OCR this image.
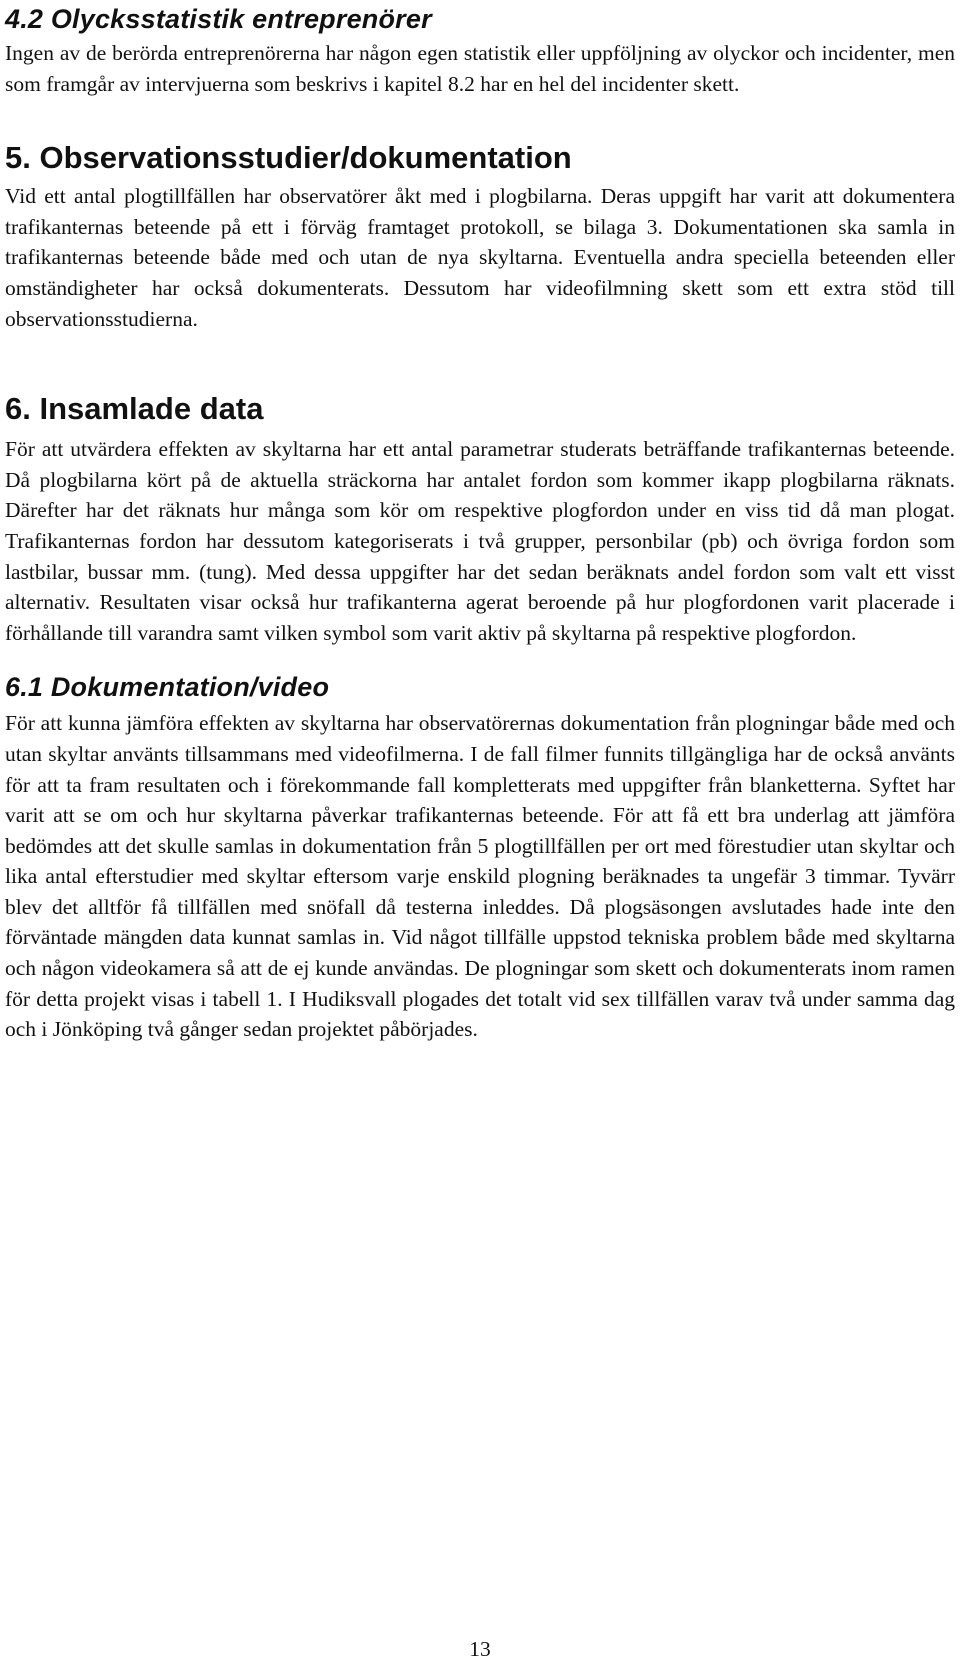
4.2 Olycksstatistik entreprenörer

Ingen av de berörda entreprenörerna har någon egen statistik eller uppföljning av olyckor och incidenter, men som framgår av intervjuerna som beskrivs i kapitel 8.2 har en hel del incidenter skett.

5. Observationsstudier/dokumentation

Vid ett antal plogtillfällen har observatörer åkt med i plogbilarna. Deras uppgift har varit att dokumentera trafikanternas beteende på ett i förväg framtaget protokoll, se bilaga 3. Dokumentationen ska samla in trafikanternas beteende både med och utan de nya skyltarna. Eventuella andra speciella beteenden eller omständigheter har också dokumenterats. Dessutom har videofilmning skett som ett extra stöd till observationsstudierna.

6. Insamlade data

För att utvärdera effekten av skyltarna har ett antal parametrar studerats beträffande trafikanternas beteende. Då plogbilarna kört på de aktuella sträckorna har antalet fordon som kommer ikapp plogbilarna räknats. Därefter har det räknats hur många som kör om respektive plogfordon under en viss tid då man plogat. Trafikanternas fordon har dessutom kategoriserats i två grupper, personbilar (pb) och övriga fordon som lastbilar, bussar mm. (tung). Med dessa uppgifter har det sedan beräknats andel fordon som valt ett visst alternativ. Resultaten visar också hur trafikanterna agerat beroende på hur plogfordonen varit placerade i förhållande till varandra samt vilken symbol som varit aktiv på skyltarna på respektive plogfordon.

6.1 Dokumentation/video

För att kunna jämföra effekten av skyltarna har observatörernas dokumentation från plogningar både med och utan skyltar använts tillsammans med videofilmerna. I de fall filmer funnits tillgängliga har de också använts för att ta fram resultaten och i förekommande fall kompletterats med uppgifter från blanketterna. Syftet har varit att se om och hur skyltarna påverkar trafikanternas beteende. För att få ett bra underlag att jämföra bedömdes att det skulle samlas in dokumentation från 5 plogtillfällen per ort med förestudier utan skyltar och lika antal efterstudier med skyltar eftersom varje enskild plogning beräknades ta ungefär 3 timmar. Tyvärr blev det alltför få tillfällen med snöfall då testerna inleddes. Då plogsäsongen avslutades hade inte den förväntade mängden data kunnat samlas in. Vid något tillfälle uppstod tekniska problem både med skyltarna och någon videokamera så att de ej kunde användas. De plogningar som skett och dokumenterats inom ramen för detta projekt visas i tabell 1. I Hudiksvall plogades det totalt vid sex tillfällen varav två under samma dag och i Jönköping två gånger sedan projektet påbörjades.

13
